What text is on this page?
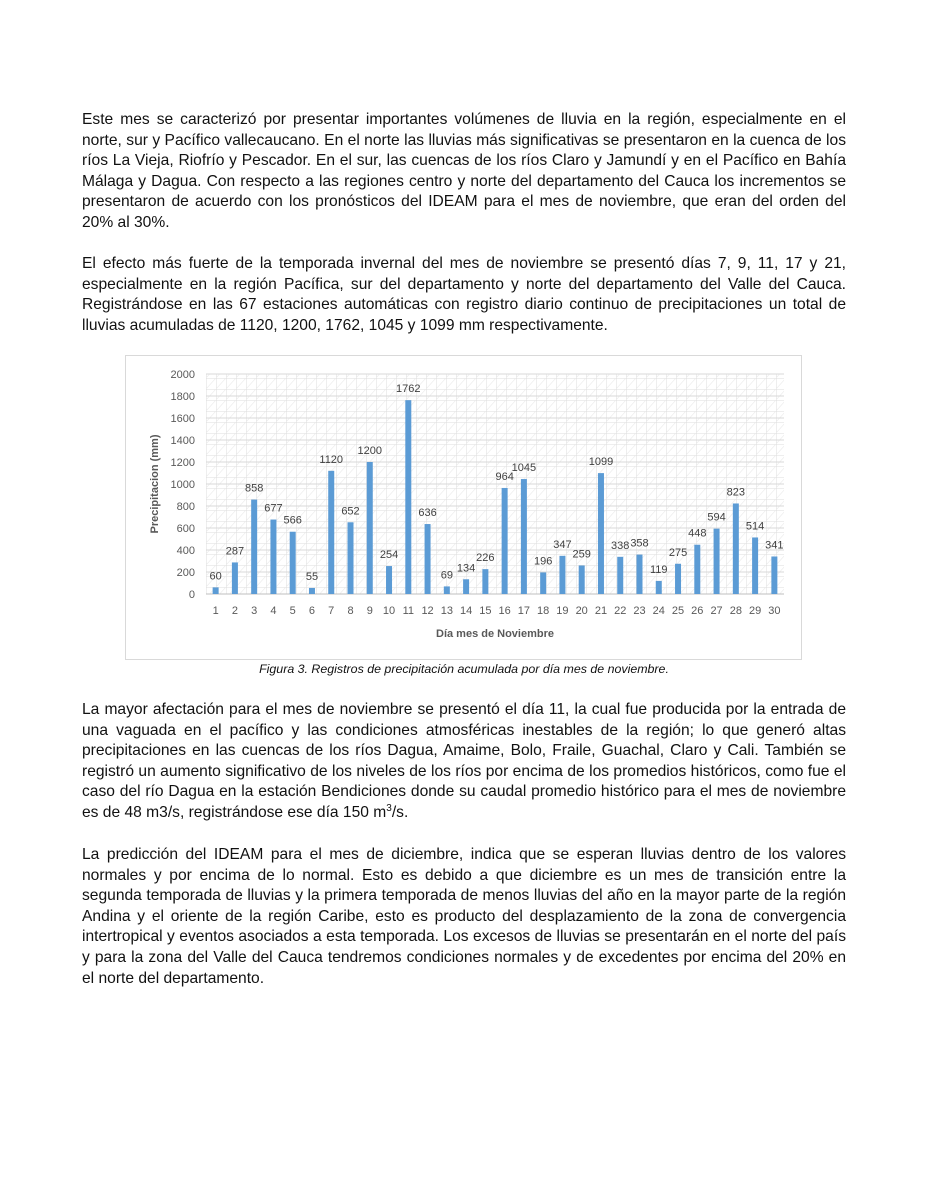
Este mes se caracterizó por presentar importantes volúmenes de lluvia en la región, especialmente en el norte, sur y Pacífico vallecaucano. En el norte las lluvias más significativas se presentaron en la cuenca de los ríos La Vieja, Riofrío y Pescador. En el sur, las cuencas de los ríos Claro y Jamundí y en el Pacífico en Bahía Málaga y Dagua. Con respecto a las regiones centro y norte del departamento del Cauca los incrementos se presentaron de acuerdo con los pronósticos del IDEAM para el mes de noviembre, que eran del orden del 20% al 30%.

El efecto más fuerte de la temporada invernal del mes de noviembre se presentó días 7, 9, 11, 17 y 21, especialmente en la región Pacífica, sur del departamento y norte del departamento del Valle del Cauca. Registrándose en las 67 estaciones automáticas con registro diario continuo de precipitaciones un total de lluvias acumuladas de 1120, 1200, 1762, 1045 y 1099 mm respectivamente.

60
287
858
677
566
55
1120
652
1200
254
1762
636
69
134
226
964
1045
196
347
259
1099
338 358
119
275
448
594
823
514
341
0
200
400
600
800
1000
1200
1400
1600
1800
2000
1 2 3 4 5 6 7 8 9 10 11 12 13 14 15 16 17 18 19 20 21 22 23 24 25 26 27 28 29 30
Precipitacion (mm)
Día mes de Noviembre

Figura 3. Registros de precipitación acumulada por día mes de noviembre.

La mayor afectación para el mes de noviembre se presentó el día 11, la cual fue producida por la entrada de una vaguada en el pacífico y las condiciones atmosféricas inestables de la región; lo que generó altas precipitaciones en las cuencas de los ríos Dagua, Amaime, Bolo, Fraile, Guachal, Claro y Cali. También se registró un aumento significativo de los niveles de los ríos por encima de los promedios históricos, como fue el caso del río Dagua en la estación Bendiciones donde su caudal promedio histórico para el mes de noviembre es de 48 m3/s, registrándose ese día 150 $m^3/s$.

La predicción del IDEAM para el mes de diciembre, indica que se esperan lluvias dentro de los valores normales y por encima de lo normal. Esto es debido a que diciembre es un mes de transición entre la segunda temporada de lluvias y la primera temporada de menos lluvias del año en la mayor parte de la región Andina y el oriente de la región Caribe, esto es producto del desplazamiento de la zona de convergencia intertropical y eventos asociados a esta temporada. Los excesos de lluvias se presentarán en el norte del país y para la zona del Valle del Cauca tendremos condiciones normales y de excedentes por encima del 20% en el norte del departamento.
